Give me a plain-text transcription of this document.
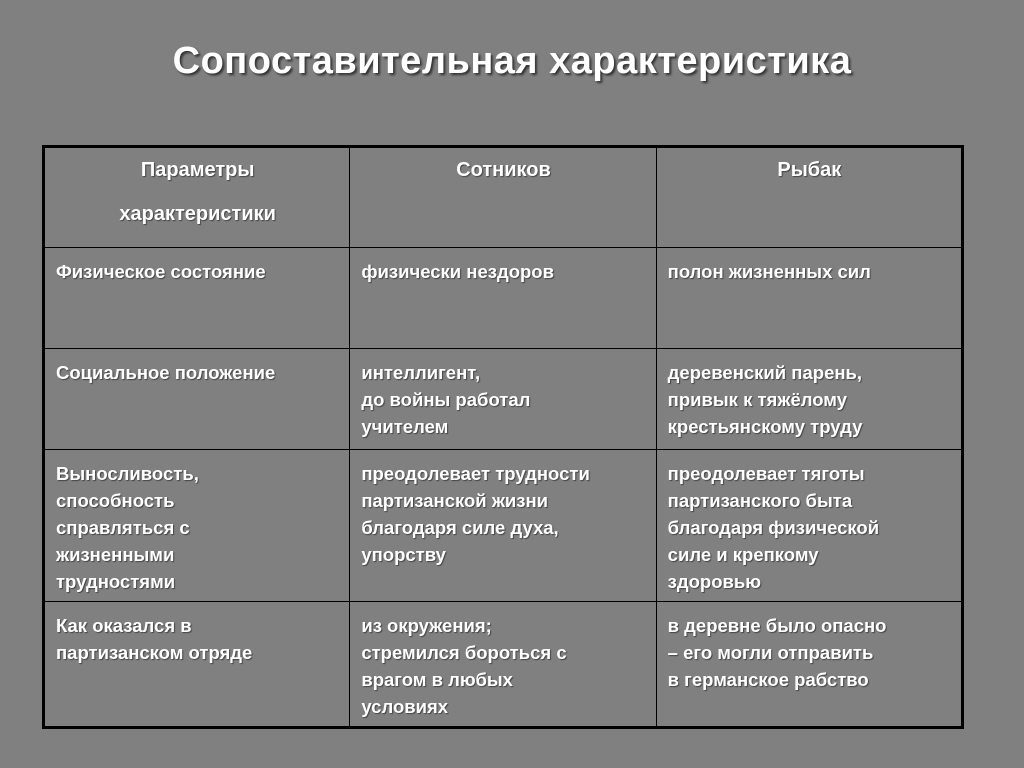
Сопоставительная характеристика
Параметры
характеристики	Сотников	Рыбак

Физическое состояние	физически нездоров	полон жизненных сил

Социальное положение	интеллигент,
до войны работал
учителем	деревенский парень,
привык к тяжёлому
крестьянскому труду

Выносливость,
способность
справляться с
жизненными
трудностями	преодолевает трудности
партизанской жизни
благодаря силе духа,
упорству	преодолевает тяготы
партизанского быта
благодаря физической
силе и крепкому
здоровью

Как оказался в
партизанском отряде	из окружения;
стремился бороться с
врагом в любых
условиях	в деревне было опасно
– его могли отправить
в германское рабство
